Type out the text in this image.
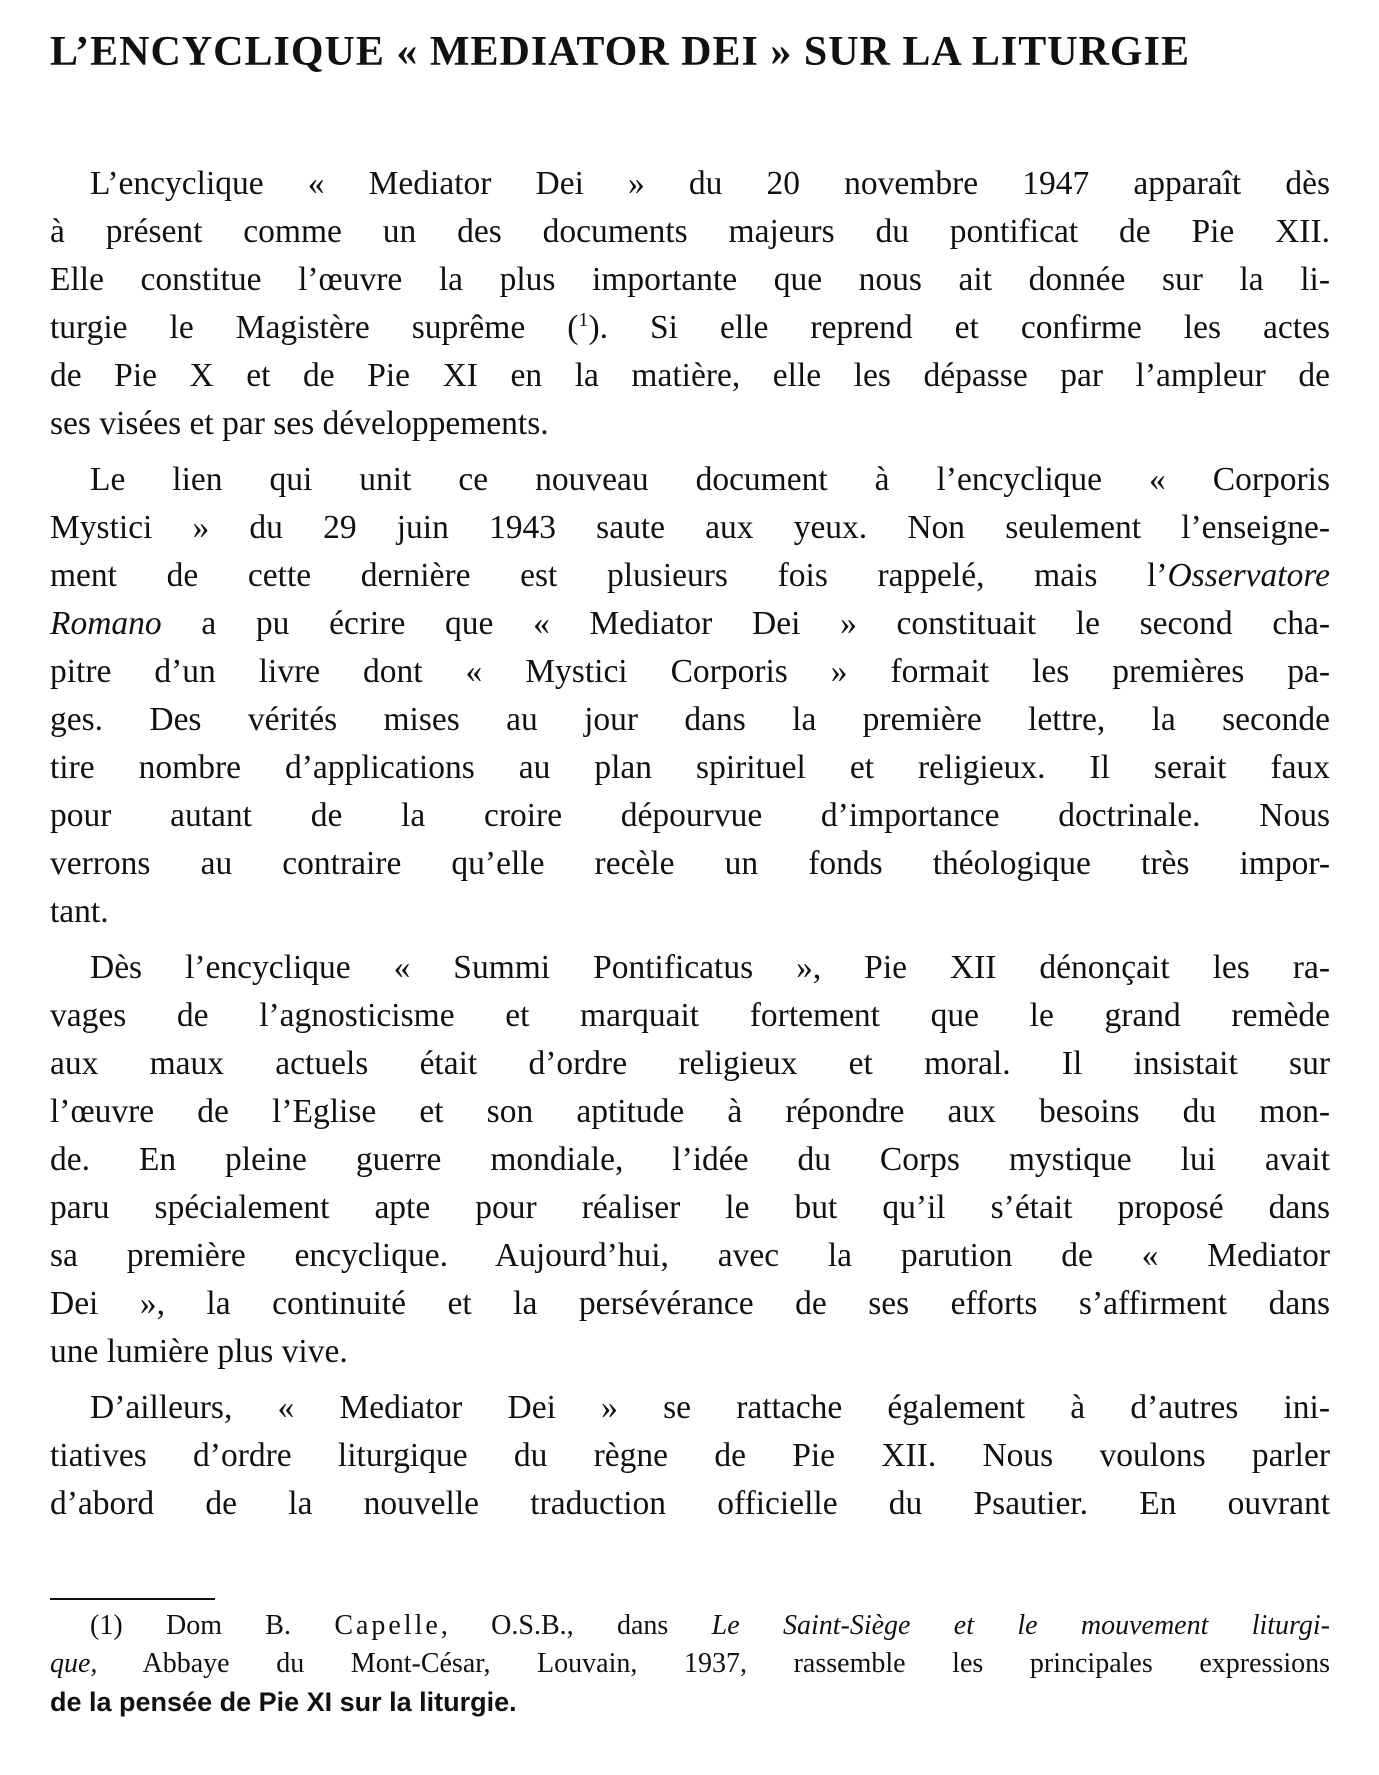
L’ENCYCLIQUE « MEDIATOR DEI » SUR LA LITURGIE
L’encyclique « Mediator Dei » du 20 novembre 1947 apparaît dès
à présent comme un des documents majeurs du pontificat de Pie XII.
Elle constitue l’œuvre la plus importante que nous ait donnée sur la li-
turgie le Magistère suprême ($^1$). Si elle reprend et confirme les actes
de Pie X et de Pie XI en la matière, elle les dépasse par l’ampleur de
ses visées et par ses développements.
Le lien qui unit ce nouveau document à l’encyclique « Corporis
Mystici » du 29 juin 1943 saute aux yeux. Non seulement l’enseigne-
ment de cette dernière est plusieurs fois rappelé, mais l’Osservatore
Romano a pu écrire que « Mediator Dei » constituait le second cha-
pitre d’un livre dont « Mystici Corporis » formait les premières pa-
ges. Des vérités mises au jour dans la première lettre, la seconde
tire nombre d’applications au plan spirituel et religieux. Il serait faux
pour autant de la croire dépourvue d’importance doctrinale. Nous
verrons au contraire qu’elle recèle un fonds théologique très impor-
tant.
Dès l’encyclique « Summi Pontificatus », Pie XII dénonçait les ra-
vages de l’agnosticisme et marquait fortement que le grand remède
aux maux actuels était d’ordre religieux et moral. Il insistait sur
l’œuvre de l’Eglise et son aptitude à répondre aux besoins du mon-
de. En pleine guerre mondiale, l’idée du Corps mystique lui avait
paru spécialement apte pour réaliser le but qu’il s’était proposé dans
sa première encyclique. Aujourd’hui, avec la parution de « Mediator
Dei », la continuité et la persévérance de ses efforts s’affirment dans
une lumière plus vive.
D’ailleurs, « Mediator Dei » se rattache également à d’autres ini-
tiatives d’ordre liturgique du règne de Pie XII. Nous voulons parler
d’abord de la nouvelle traduction officielle du Psautier. En ouvrant
(1) Dom B. Capelle, O.S.B., dans Le Saint-Siège et le mouvement liturgi-
que, Abbaye du Mont-César, Louvain, 1937, rassemble les principales expressions
de la pensée de Pie XI sur la liturgie.
